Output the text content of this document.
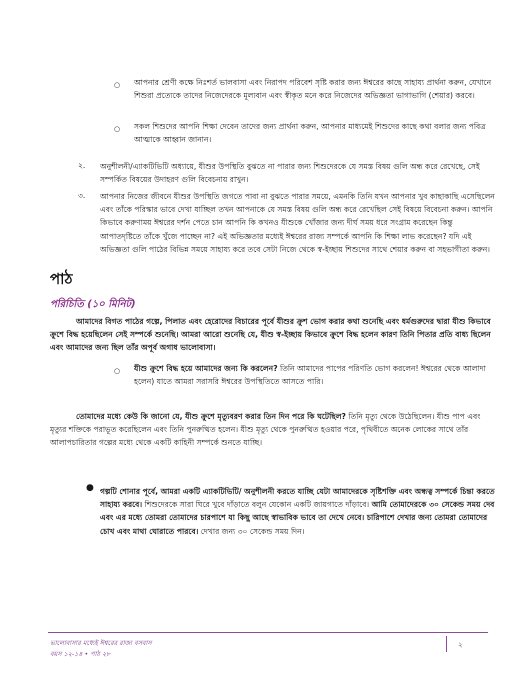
○ আপনার শ্রেণী কক্ষে নিঃশর্ত ভালবাসা এবং নিরাপদ পরিবেশ সৃষ্টি করার জন্য ঈশ্বরের কাছে সাহায্য প্রার্থনা করুন, যেখানে শিশুরা প্রত্যেকে তাদের নিজেদেরকে মূল্যবান এবং স্বীকৃত মনে করে নিজেদের অভিজ্ঞতা ভাগাভাগি (শেয়ার) করবে।
○ সকল শিশুদের আপনি শিক্ষা দেবেন তাদের জন্য প্রার্থনা করুন, আপনার মাধ্যমেই শিশুদের কাছে কথা বলার জন্য পবিত্র আত্মাকে আহ্বান জানান।
২. অনুশীলনী/এ্যাকটিভিটি অধ্যায়ে, যীশুর উপস্থিতি বুঝতে না পারার জন্য শিশুদেরকে যে সমস্ত বিষয় গুলি অন্ধ করে রেখেছে, সেই সম্পর্কিত বিষয়ের উদাহরণ গুলি বিবেচনায় রাখুন।
৩. আপনার নিজের জীবনে যীশুর উপস্থিতি জগতে পাবা না বুঝতে পারার সময়ে, এমনকি তিনি যখন আপনার খুব কাছাকাছি এসেছিলেন এবং তাঁকে পরিস্কার ভাবে দেখা যাচ্ছিল তখন আপনাকে যে সমস্ত বিষয় গুলি অন্ধ করে রেখেছিল সেই বিষয়ে বিবেচনা করুন। আপনি কিভাবে করুণাময় ঈশ্বরের দর্শন পেতে চান আপনি কি কখনও যীশুকে খোঁজার জন্য দীর্ঘ সময় ধরে সংগ্রাম করেছেন কিন্তু আপাতদৃষ্টিতে তাঁকে খুঁজে পাচ্ছেন না? এই অভিজ্ঞতার মধ্যেই ঈশ্বরের রাজ্য সম্পর্কে আপনি কি শিক্ষা লাভ করেছেন? যদি এই অভিজ্ঞতা গুলি পাঠের বিভিন্ন সময়ে সাহায্য করে তবে সেটা নিজে থেকে স্ব-ইচ্ছায় শিশুদের সাথে শেয়ার করুন বা সহভাগীতা করুন।
পাঠ
পরিচিতি (১০ মিনিট)
আমাদের বিগত পাঠের গল্পে, পিলাত এবং হেরোদের বিচারের পূর্বে যীশুর ক্রুশ ভোগ করার কথা শুনেছি এবং ধর্মগুরুদের দ্বারা যীশু কিভাবে ক্রুশে বিদ্ধ হয়েছিলেন সেই সম্পর্কে শুনেছি। আমরা আরো শুনেছি যে, যীশু স্ব-ইচ্ছায় কিভাবে ক্রুশে বিদ্ধ হলেন কারণ তিনি পিতার প্রতি বাধ্য ছিলেন এবং আমাদের জন্য ছিল তাঁর অপূর্ব অগাধ ভালোবাসা।
○ যীশু ক্রুশে বিদ্ধ হয়ে আমাদের জন্য কি করলেন? তিনি আমাদের পাপের পরিণতি ভোগ করলেন! ঈশ্বরের থেকে আলাদা হলেন) যাতে আমরা সরাসরি ঈশ্বরের উপস্থিতিতে আসতে পারি।
তোমাদের মধ্যে কেউ কি জানো যে, যীশু ক্রুশে মৃত্যুবরণ করার তিন দিন পরে কি ঘটেছিল? তিনি মৃত্যু থেকে উঠেছিলেন। যীশু পাপ এবং মৃত্যুর শক্তিকে পরাভূত করেছিলেন এবং তিনি পুনরুত্থিত হলেন। যীশু মৃত্যু থেকে পুনরুত্থিত হওয়ার পরে, পৃথিবীতে অনেক লোকের সাথে তাঁর আলাপচারিতার গল্পের মধ্যে থেকে একটি কাহিনী সম্পর্কে শুনতে যাচ্ছি।
● গল্পটি শোনার পূর্বে, আমরা একটি এ্যাকটিভিটি/ অনুশীলনী করতে যাচ্ছি যেটা আমাদেরকে সৃষ্টিশক্তি এবং অন্ধত্ব সম্পর্কে চিন্তা করতে সাহায্য করবে। শিশুদেরকে সারা ঘিরে খুবে দাঁড়াতে বলুন যেকোন একটি জায়গাতে দাঁড়াবে। আমি তোমাদেরকে ৩০ সেকেন্ড সময় দেব এবং এর মধ্যে তোমরা তোমাদের চারপাশে যা কিছু আছে স্বাভাবিক ভাবে তা দেখে নেবে। চারিপাশে দেখার জন্য তোমরা তোমাদের চোখ এবং মাথা ঘোরাতে পারবে। দেখার জন্য ৩০ সেকেন্ড সময় দিন।
ভালোবাসার মধ্যেই ঈশ্বরের রাজ্য বসবাস
বয়স ১২-১৪ • পাঠ ২৮
২
